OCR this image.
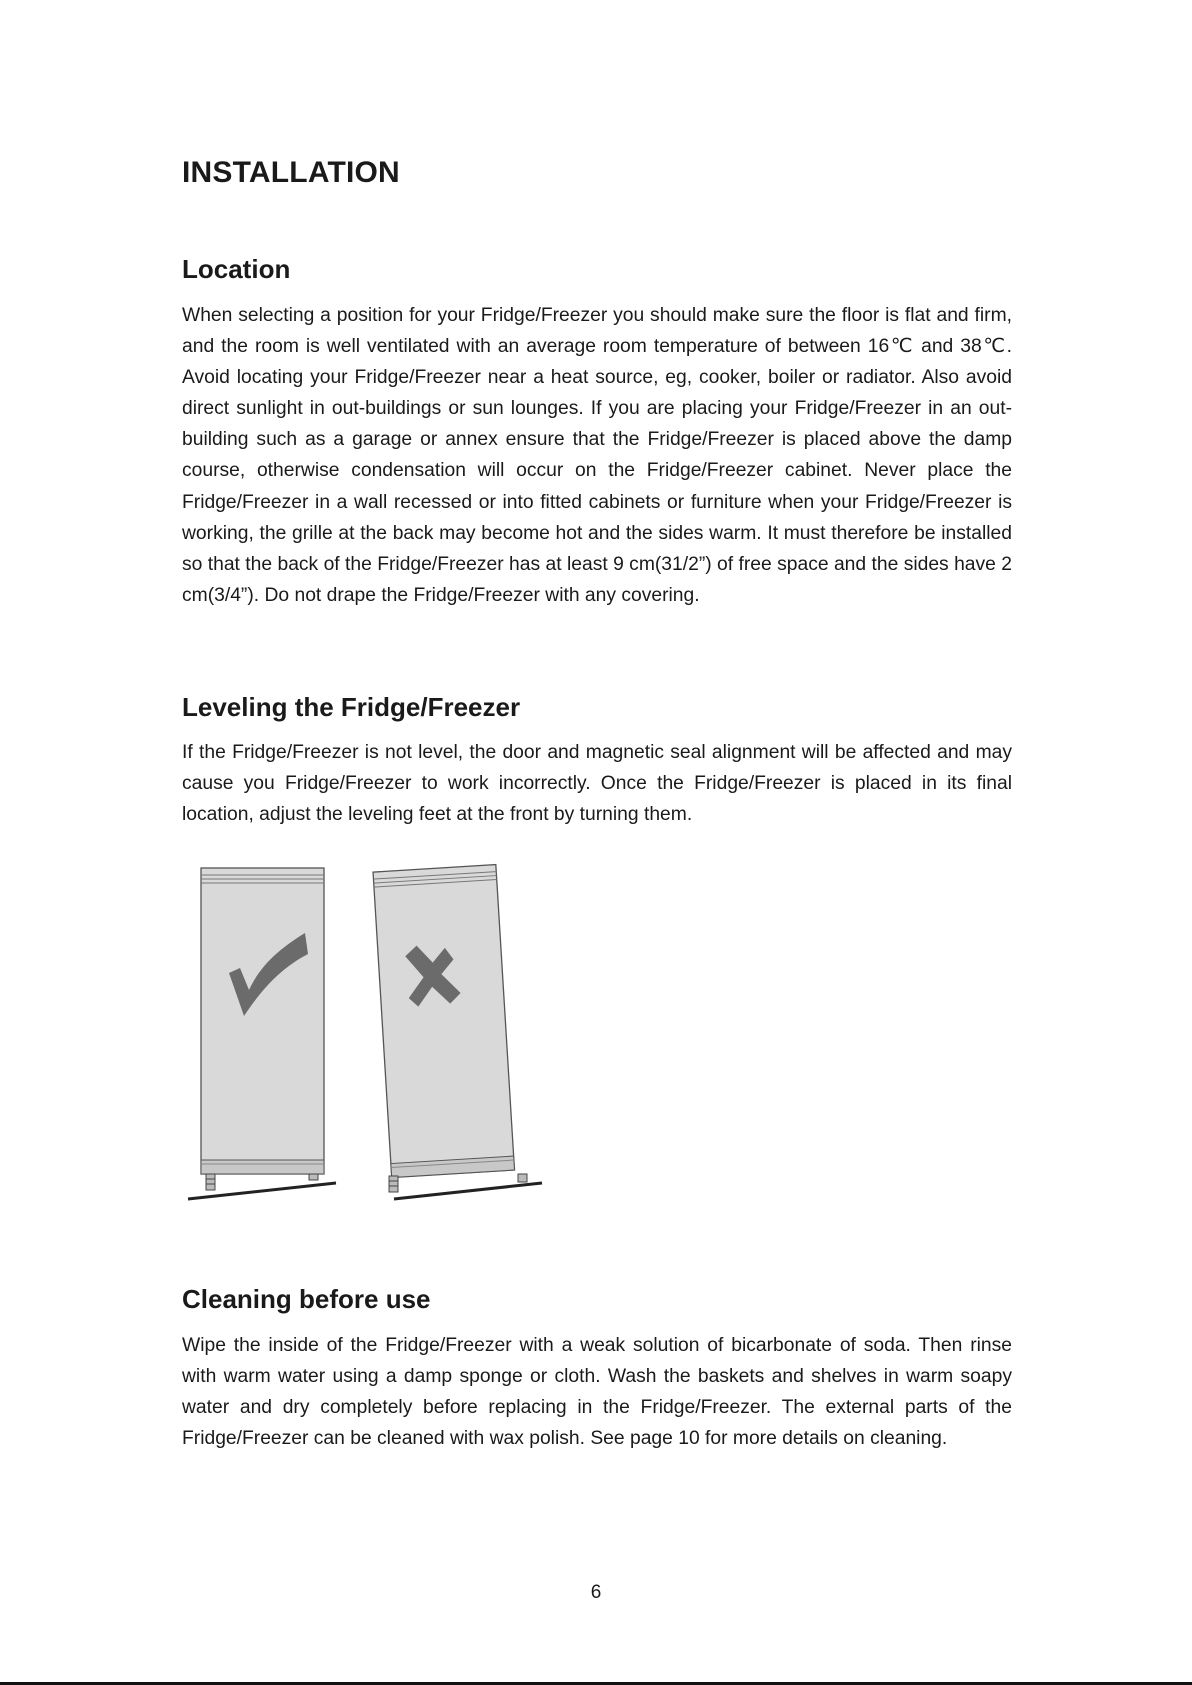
INSTALLATION
Location

When selecting a position for your Fridge/Freezer you should make sure the floor is flat and firm, and the room is well ventilated with an average room temperature of between 16℃ and 38℃. Avoid locating your Fridge/Freezer near a heat source, eg, cooker, boiler or radiator. Also avoid direct sunlight in out-buildings or sun lounges. If you are placing your Fridge/Freezer in an out-building such as a garage or annex ensure that the Fridge/Freezer is placed above the damp course, otherwise condensation will occur on the Fridge/Freezer cabinet. Never place the Fridge/Freezer in a wall recessed or into fitted cabinets or furniture when your Fridge/Freezer is working, the grille at the back may become hot and the sides warm. It must therefore be installed so that the back of the Fridge/Freezer has at least 9 cm(31/2”) of free space and the sides have 2 cm(3/4”). Do not drape the Fridge/Freezer with any covering.

Leveling the Fridge/Freezer

If the Fridge/Freezer is not level, the door and magnetic seal alignment will be affected and may cause you Fridge/Freezer to work incorrectly. Once the Fridge/Freezer is placed in its final location, adjust the leveling feet at the front by turning them.

Cleaning before use

Wipe the inside of the Fridge/Freezer with a weak solution of bicarbonate of soda. Then rinse with warm water using a damp sponge or cloth. Wash the baskets and shelves in warm soapy water and dry completely before replacing in the Fridge/Freezer. The external parts of the Fridge/Freezer can be cleaned with wax polish. See page 10 for more details on cleaning.

6
